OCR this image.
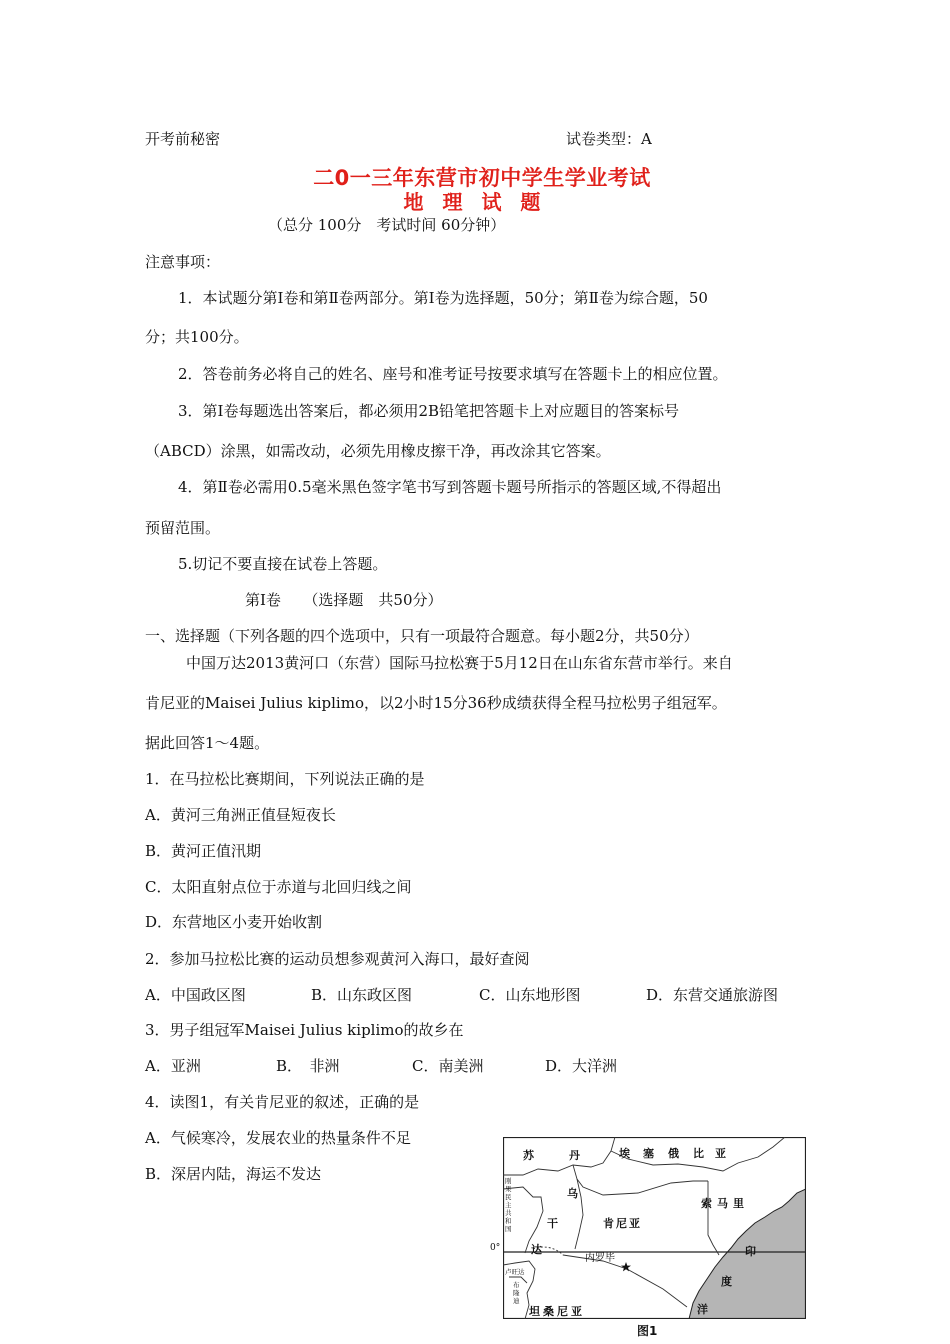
开考前秘密	试卷类型：A
二0一三年东营市初中学生学业考试
地 理 试 题
（总分 100分　考试时间 60分钟）
注意事项：
1．本试题分第Ⅰ卷和第Ⅱ卷两部分。第Ⅰ卷为选择题，50分；第Ⅱ卷为综合题，50
分；共100分。
2．答卷前务必将自己的姓名、座号和准考证号按要求填写在答题卡上的相应位置。
3．第Ⅰ卷每题选出答案后，都必须用2B铅笔把答题卡上对应题目的答案标号
（ABCD）涂黑，如需改动，必须先用橡皮擦干净，再改涂其它答案。
4．第Ⅱ卷必需用0.5毫米黑色签字笔书写到答题卡题号所指示的答题区域,不得超出
预留范围。
5.切记不要直接在试卷上答题。
第Ⅰ卷　　（选择题　共50分）
一、选择题（下列各题的四个选项中，只有一项最符合题意。每小题2分，共50分）
中国万达2013黄河口（东营）国际马拉松赛于5月12日在山东省东营市举行。来自
肯尼亚的Maisei Julius kiplimo，以2小时15分36秒成绩获得全程马拉松男子组冠军。
据此回答1～4题。
1．在马拉松比赛期间，下列说法正确的是
A．黄河三角洲正值昼短夜长
B．黄河正值汛期
C．太阳直射点位于赤道与北回归线之间
D．东营地区小麦开始收割
2．参加马拉松比赛的运动员想参观黄河入海口，最好查阅
A．中国政区图	B．山东政区图	C．山东地形图	D．东营交通旅游图
3．男子组冠军Maisei Julius kiplimo的故乡在
A．亚洲	B．　非洲	C．南美洲	D．大洋洲
4．读图1，有关肯尼亚的叙述，正确的是
A．气候寒冷，发展农业的热量条件不足
B．深居内陆，海运不发达
0°
苏	丹	埃 塞 俄 比 亚
索马里
乌
干
达
肯尼亚
内罗毕
坦桑尼亚
印
度
洋
刚
果
民
主
共
和
国
卢旺达
布
隆
迪
图1
